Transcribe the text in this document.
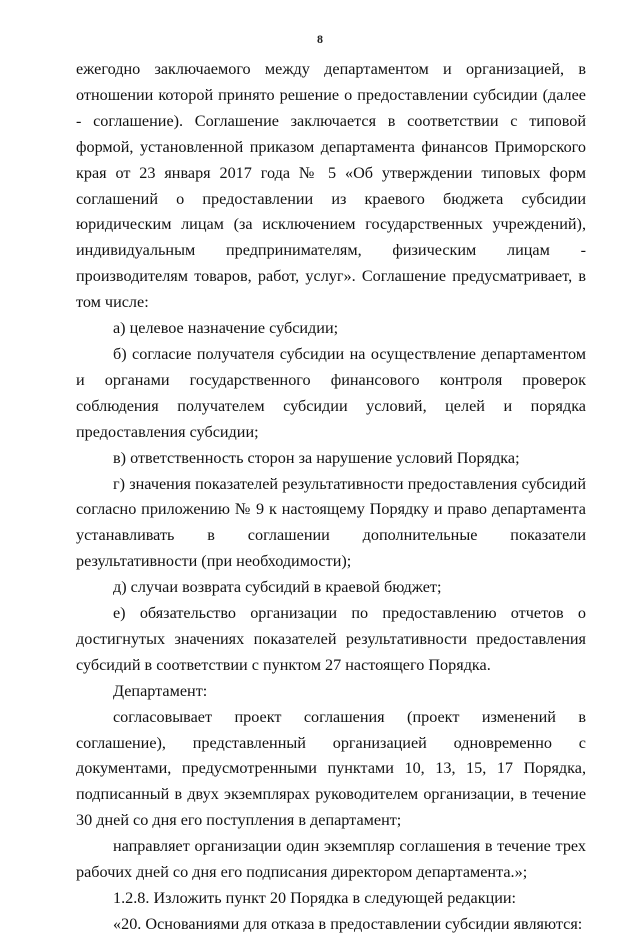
8

ежегодно заключаемого между департаментом и организацией, в отношении которой принято решение о предоставлении субсидии (далее - соглашение). Соглашение заключается в соответствии с типовой формой, установленной приказом департамента финансов Приморского края от 23 января 2017 года № 5 «Об утверждении типовых форм соглашений о предоставлении из краевого бюджета субсидии юридическим лицам (за исключением государственных учреждений), индивидуальным предпринимателям, физическим лицам - производителям товаров, работ, услуг». Соглашение предусматривает, в том числе:

а) целевое назначение субсидии;

б) согласие получателя субсидии на осуществление департаментом и органами государственного финансового контроля проверок соблюдения получателем субсидии условий, целей и порядка предоставления субсидии;

в) ответственность сторон за нарушение условий Порядка;

г) значения показателей результативности предоставления субсидий согласно приложению № 9 к настоящему Порядку и право департамента устанавливать в соглашении дополнительные показатели результативности (при необходимости);

д) случаи возврата субсидий в краевой бюджет;

е) обязательство организации по предоставлению отчетов о достигнутых значениях показателей результативности предоставления субсидий в соответствии с пунктом 27 настоящего Порядка.

Департамент:

согласовывает проект соглашения (проект изменений в соглашение), представленный организацией одновременно с документами, предусмотренными пунктами 10, 13, 15, 17 Порядка, подписанный в двух экземплярах руководителем организации, в течение 30 дней со дня его поступления в департамент;

направляет организации один экземпляр соглашения в течение трех рабочих дней со дня его подписания директором департамента.»;

1.2.8. Изложить пункт 20 Порядка в следующей редакции:

«20. Основаниями для отказа в предоставлении субсидии являются:
